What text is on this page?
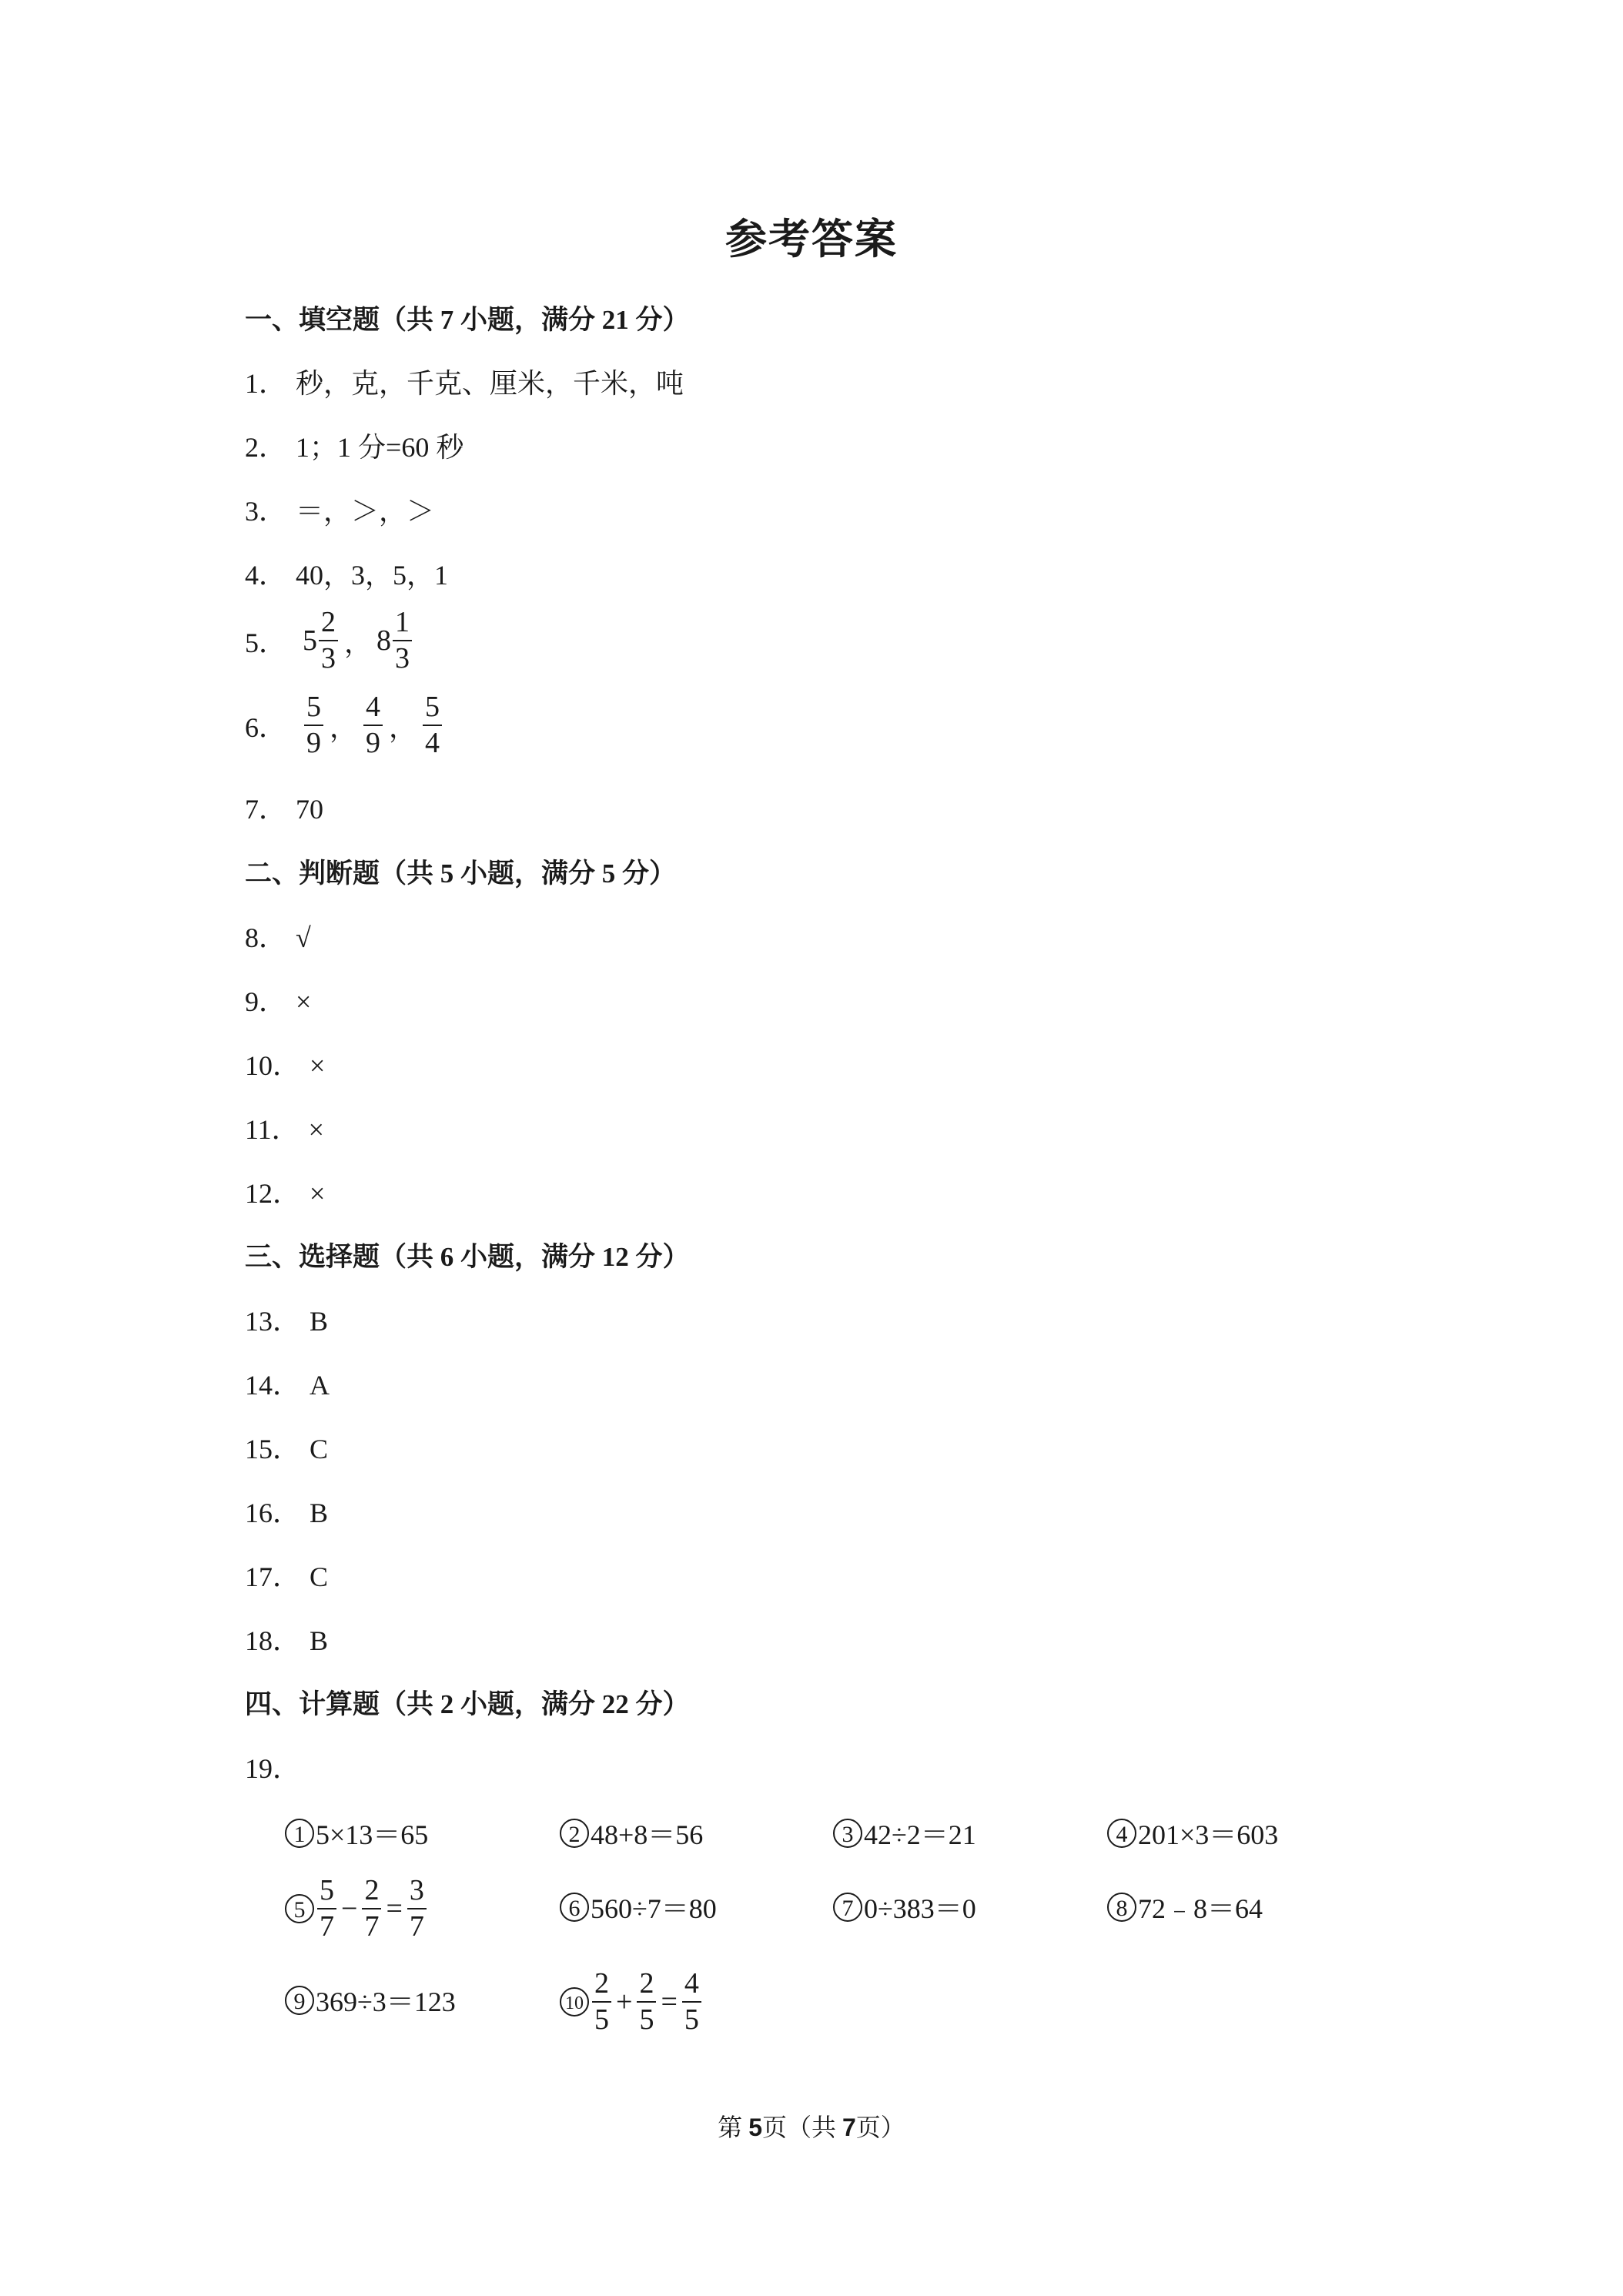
参考答案
一、填空题（共 7 小题，满分 21 分）
1． 秒，克，千克、厘米，千米，吨
2． 1；1 分=60 秒
3． ＝，＞，＞
4． 40，3，5，1
5． $5 \frac{2}{3}$ ， $8 \frac{1}{3}$
6． $\frac{5}{9}$ ， $\frac{4}{9}$ ， $\frac{5}{4}$
7． 70
二、判断题（共 5 小题，满分 5 分）
8． √
9． ×
10． ×
11． ×
12． ×
三、选择题（共 6 小题，满分 12 分）
13． B
14． A
15． C
16． B
17． C
18． B
四、计算题（共 2 小题，满分 22 分）
19．
1 5×13＝65	2 48+8＝56	3 42÷2＝21	4 201×3＝603
$5 \frac{5}{7} - \frac{2}{7} = \frac{3}{7}$	6 560÷7＝80	7 0÷383＝0	8 72﹣8＝64
9 369÷3＝123	$10 \frac{2}{5} + \frac{2}{5} = \frac{4}{5}$
第 5页（共 7页）
